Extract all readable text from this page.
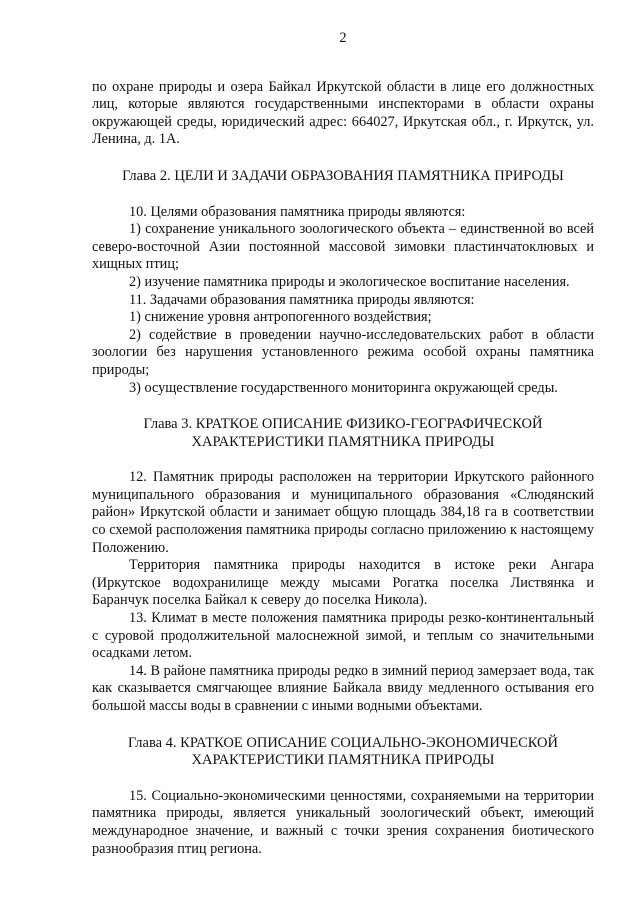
2

по охране природы и озера Байкал Иркутской области в лице его должностных лиц, которые являются государственными инспекторами в области охраны окружающей среды, юридический адрес: 664027, Иркутская обл., г. Иркутск, ул. Ленина, д. 1А.

Глава 2. ЦЕЛИ И ЗАДАЧИ ОБРАЗОВАНИЯ ПАМЯТНИКА ПРИРОДЫ

10. Целями образования памятника природы являются:

1) сохранение уникального зоологического объекта – единственной во всей северо-восточной Азии постоянной массовой зимовки пластинчатоклювых и хищных птиц;

2) изучение памятника природы и экологическое воспитание населения.

11. Задачами образования памятника природы являются:

1) снижение уровня антропогенного воздействия;

2) содействие в проведении научно-исследовательских работ в области зоологии без нарушения установленного режима особой охраны памятника природы;

3) осуществление государственного мониторинга окружающей среды.

Глава 3. КРАТКОЕ ОПИСАНИЕ ФИЗИКО-ГЕОГРАФИЧЕСКОЙ
ХАРАКТЕРИСТИКИ ПАМЯТНИКА ПРИРОДЫ

12. Памятник природы расположен на территории Иркутского районного муниципального образования и муниципального образования «Слюдянский район» Иркутской области и занимает общую площадь 384,18 га в соответствии со схемой расположения памятника природы согласно приложению к настоящему Положению.

Территория памятника природы находится в истоке реки Ангара (Иркутское водохранилище между мысами Рогатка поселка Листвянка и Баранчук поселка Байкал к северу до поселка Никола).

13. Климат в месте положения памятника природы резко-континентальный с суровой продолжительной малоснежной зимой, и теплым со значительными осадками летом.

14. В районе памятника природы редко в зимний период замерзает вода, так как сказывается смягчающее влияние Байкала ввиду медленного остывания его большой массы воды в сравнении с иными водными объектами.

Глава 4. КРАТКОЕ ОПИСАНИЕ СОЦИАЛЬНО-ЭКОНОМИЧЕСКОЙ
ХАРАКТЕРИСТИКИ ПАМЯТНИКА ПРИРОДЫ

15. Социально-экономическими ценностями, сохраняемыми на территории памятника природы, является уникальный зоологический объект, имеющий международное значение, и важный с точки зрения сохранения биотического разнообразия птиц региона.
